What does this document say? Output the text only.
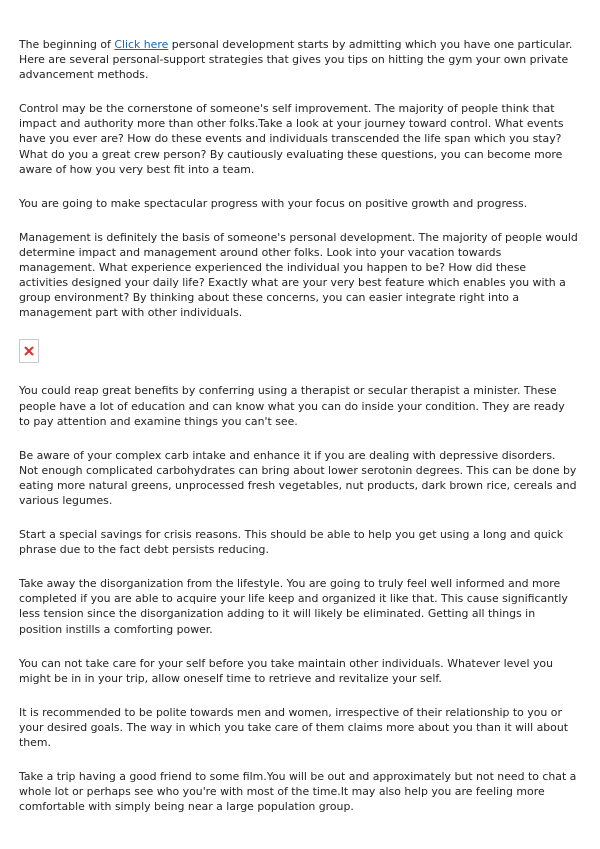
The beginning of Click here personal development starts by admitting which you have one particular. Here are several personal-support strategies that gives you tips on hitting the gym your own private advancement methods.

Control may be the cornerstone of someone's self improvement. The majority of people think that impact and authority more than other folks.Take a look at your journey toward control. What events have you ever are? How do these events and individuals transcended the life span which you stay? What do you a great crew person? By cautiously evaluating these questions, you can become more aware of how you very best fit into a team.

You are going to make spectacular progress with your focus on positive growth and progress.

Management is definitely the basis of someone's personal development. The majority of people would determine impact and management around other folks. Look into your vacation towards management. What experience experienced the individual you happen to be? How did these activities designed your daily life? Exactly what are your very best feature which enables you with a group environment? By thinking about these concerns, you can easier integrate right into a management part with other individuals.

You could reap great benefits by conferring using a therapist or secular therapist a minister. These people have a lot of education and can know what you can do inside your condition. They are ready to pay attention and examine things you can't see.

Be aware of your complex carb intake and enhance it if you are dealing with depressive disorders. Not enough complicated carbohydrates can bring about lower serotonin degrees. This can be done by eating more natural greens, unprocessed fresh vegetables, nut products, dark brown rice, cereals and various legumes.

Start a special savings for crisis reasons. This should be able to help you get using a long and quick phrase due to the fact debt persists reducing.

Take away the disorganization from the lifestyle. You are going to truly feel well informed and more completed if you are able to acquire your life keep and organized it like that. This cause significantly less tension since the disorganization adding to it will likely be eliminated. Getting all things in position instills a comforting power.

You can not take care for your self before you take maintain other individuals. Whatever level you might be in in your trip, allow oneself time to retrieve and revitalize your self.

It is recommended to be polite towards men and women, irrespective of their relationship to you or your desired goals. The way in which you take care of them claims more about you than it will about them.

Take a trip having a good friend to some film.You will be out and approximately but not need to chat a whole lot or perhaps see who you're with most of the time.It may also help you are feeling more comfortable with simply being near a large population group.
